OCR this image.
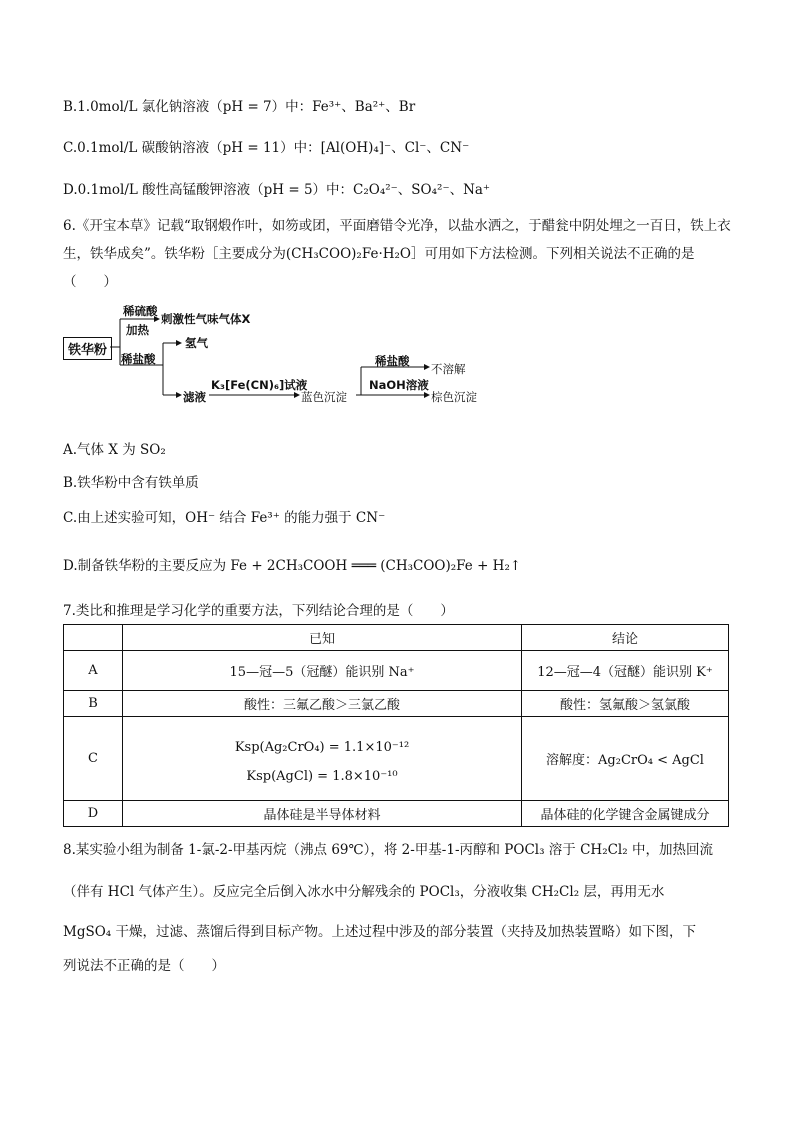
B.1.0mol/L 氯化钠溶液（pH = 7）中：Fe³⁺、Ba²⁺、Br
C.0.1mol/L 碳酸钠溶液（pH = 11）中：[Al(OH)₄]⁻、Cl⁻、CN⁻
D.0.1mol/L 酸性高锰酸钾溶液（pH = 5）中：C₂O₄²⁻、SO₄²⁻、Na⁺
6.《开宝本草》记载“取钢煅作叶，如笏或团，平面磨错令光净，以盐水洒之，于醋瓮中阴处埋之一百日，铁上衣生，铁华成矣”。铁华粉［主要成分为(CH₃COO)₂Fe·H₂O］可用如下方法检测。下列相关说法不正确的是（　　）
铁华粉
稀硫酸
加热
刺激性气味气体X
稀盐酸
氢气
滤液
K₃[Fe(CN)₆]试液
蓝色沉淀
稀盐酸
不溶解
NaOH溶液
棕色沉淀
A.气体 X 为 SO₂
B.铁华粉中含有铁单质
C.由上述实验可知，OH⁻ 结合 Fe³⁺ 的能力强于 CN⁻
D.制备铁华粉的主要反应为 Fe + 2CH₃COOH ═══ (CH₃COO)₂Fe + H₂↑
7.类比和推理是学习化学的重要方法，下列结论合理的是（　　）
	已知	结论
A	15—冠—5（冠醚）能识别 Na⁺	12—冠—4（冠醚）能识别 K⁺
B	酸性：三氟乙酸＞三氯乙酸	酸性：氢氟酸＞氢氯酸
C	Ksp(Ag₂CrO₄) = 1.1×10⁻¹²
Ksp(AgCl) = 1.8×10⁻¹⁰	溶解度：Ag₂CrO₄ < AgCl
D	晶体硅是半导体材料	晶体硅的化学键含金属键成分
8.某实验小组为制备 1-氯-2-甲基丙烷（沸点 69℃），将 2-甲基-1-丙醇和 POCl₃ 溶于 CH₂Cl₂ 中，加热回流
（伴有 HCl 气体产生）。反应完全后倒入冰水中分解残余的 POCl₃，分液收集 CH₂Cl₂ 层，再用无水
MgSO₄ 干燥，过滤、蒸馏后得到目标产物。上述过程中涉及的部分装置（夹持及加热装置略）如下图，下
列说法不正确的是（　　）
